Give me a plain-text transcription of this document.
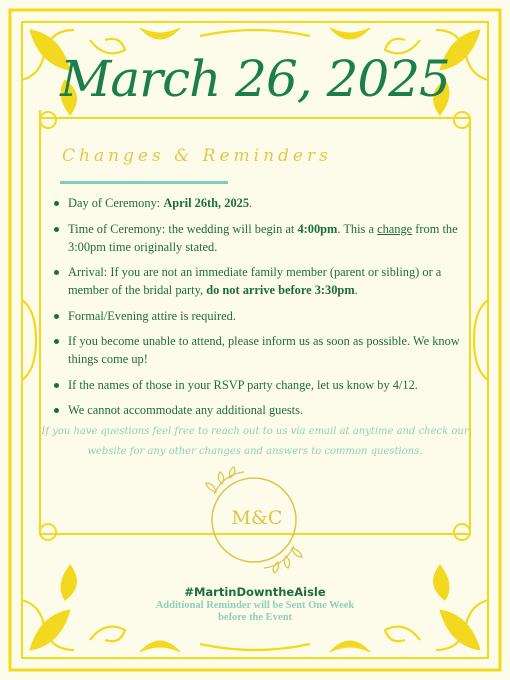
March 26, 2025
Changes & Reminders
Day of Ceremony: April 26th, 2025.
Time of Ceremony: the wedding will begin at 4:00pm. This a change from the 3:00pm time originally stated.
Arrival: If you are not an immediate family member (parent or sibling) or a member of the bridal party, do not arrive before 3:30pm.
Formal/Evening attire is required.
If you become unable to attend, please inform us as soon as possible. We know things come up!
If the names of those in your RSVP party change, let us know by 4/12.
We cannot accommodate any additional guests.
If you have questions feel free to reach out to us via email at anytime and check our website for any other changes and answers to common questions.
M&C
#MartinDowntheAisle
Additional Reminder will be Sent One Week before the Event
